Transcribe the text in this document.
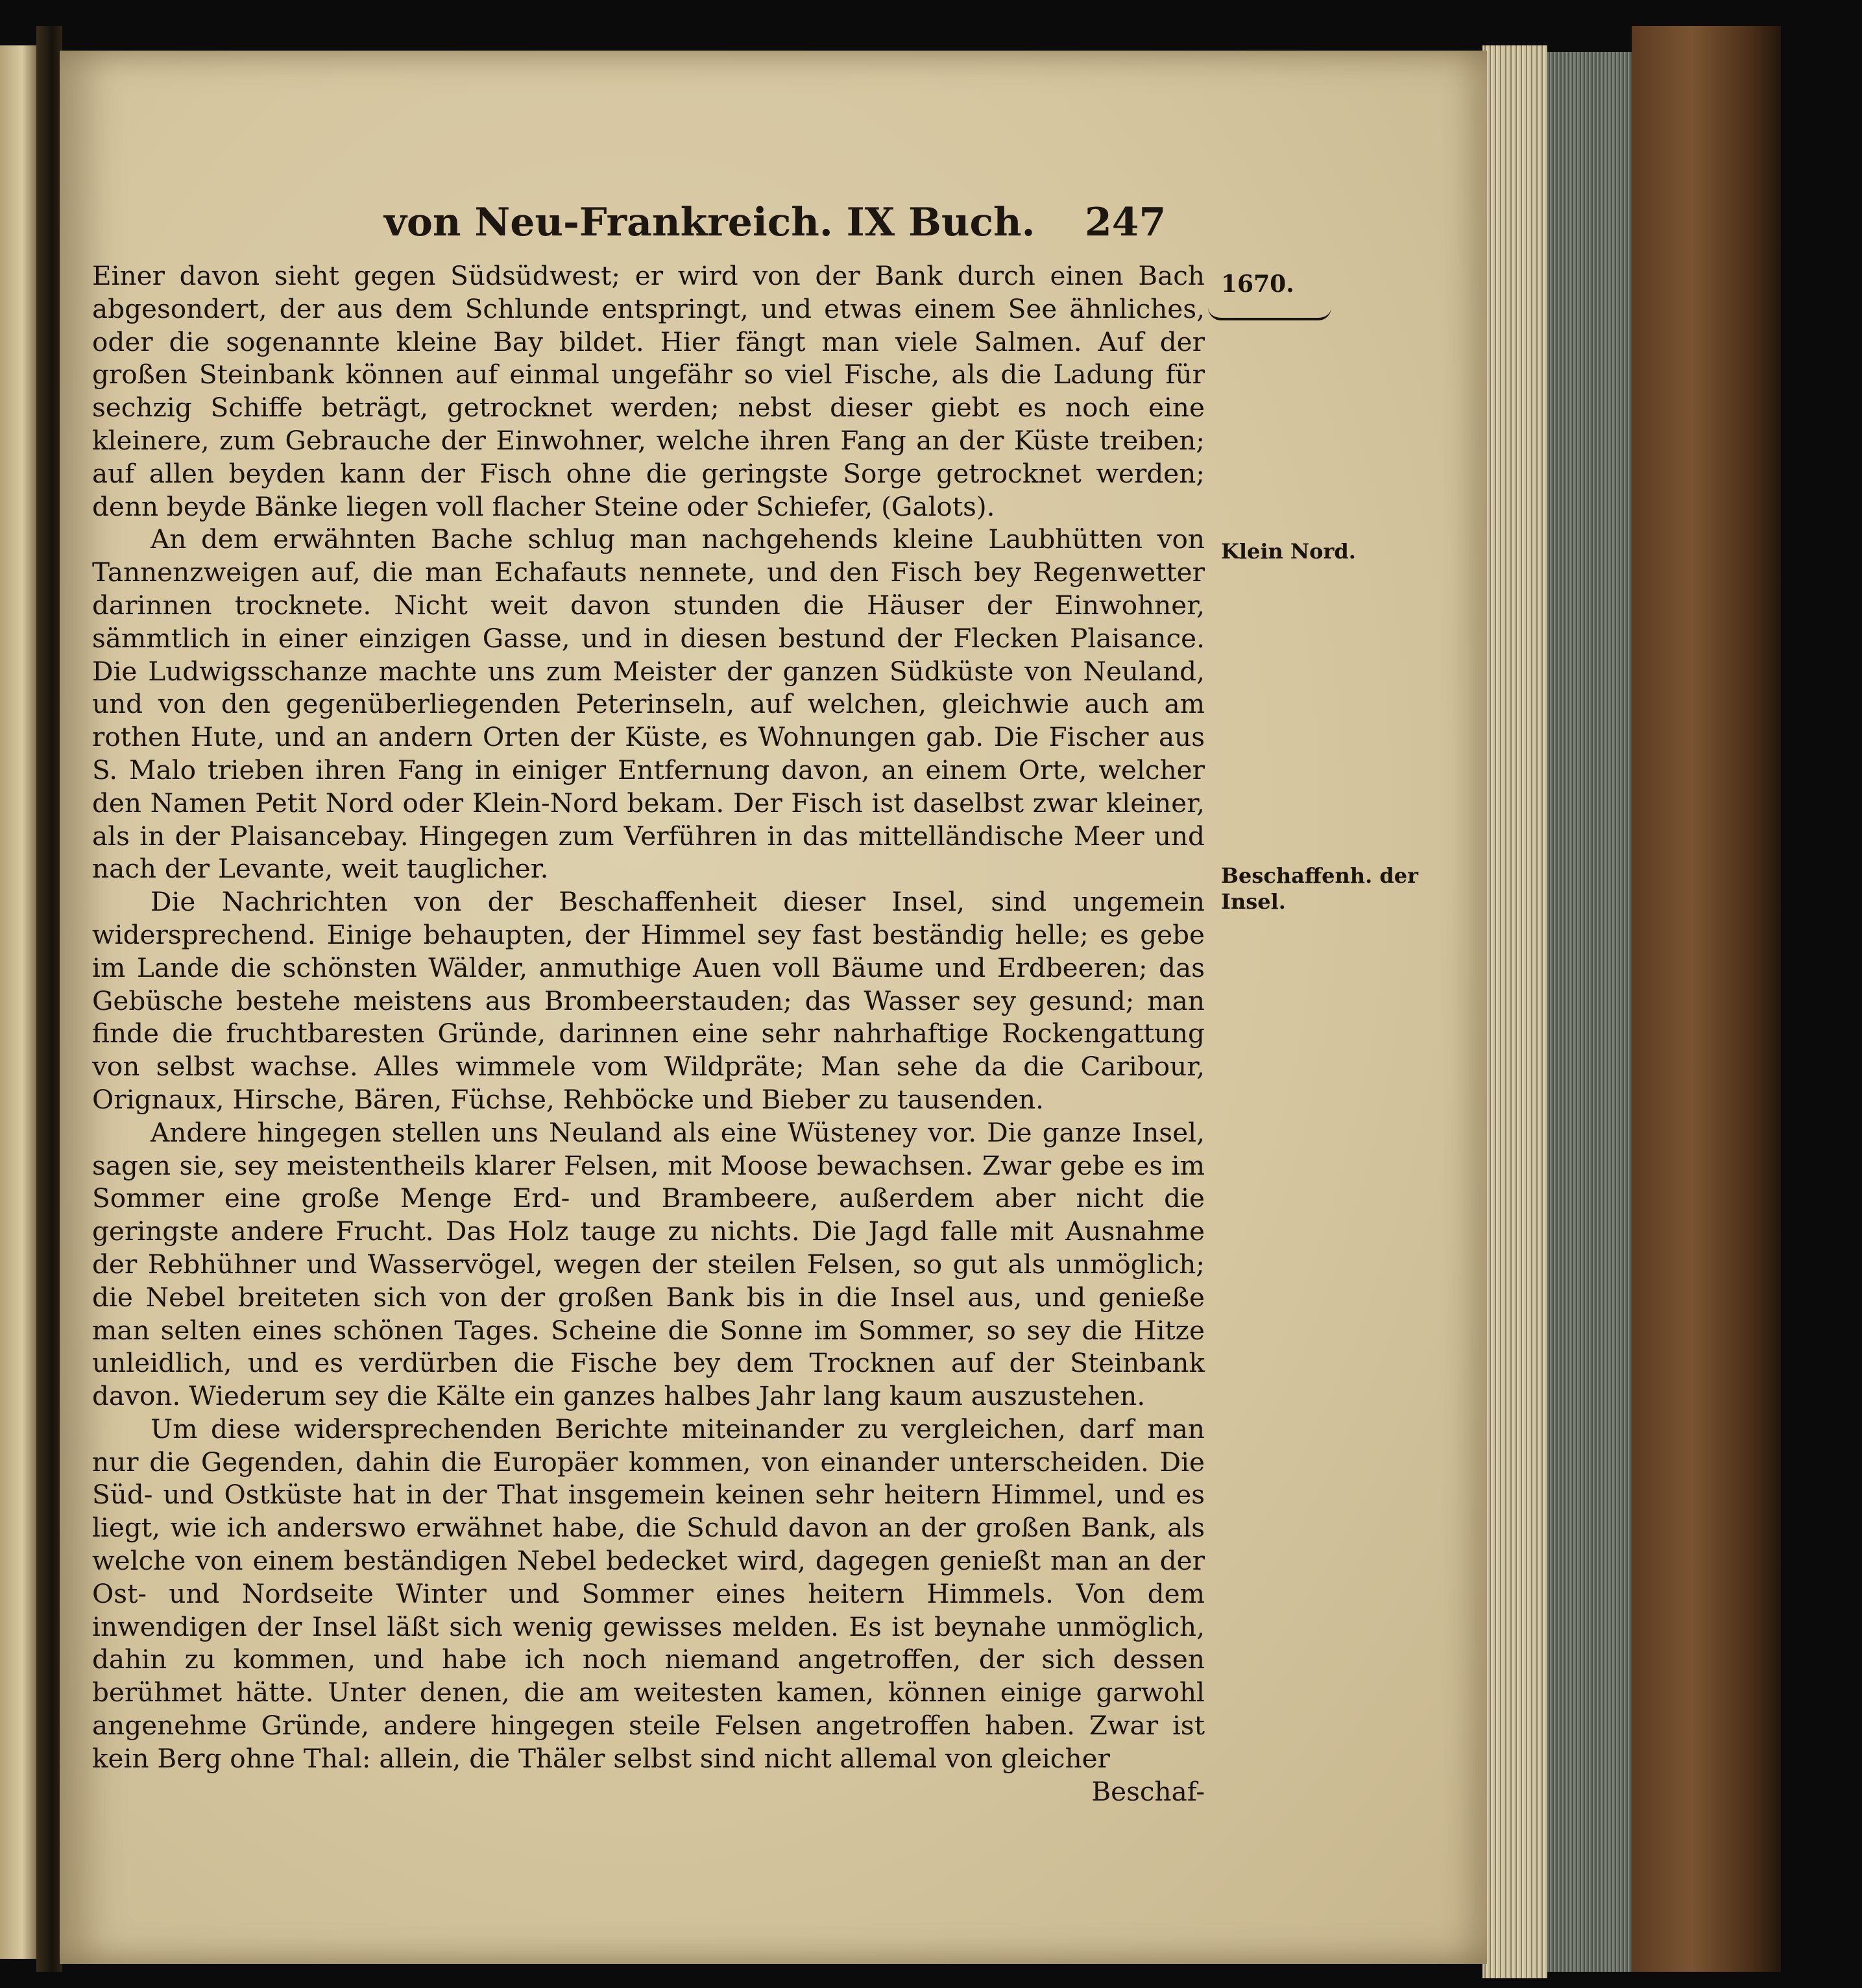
von Neu-Frankreich. IX Buch. 247

Einer davon sieht gegen Südsüdwest; er wird von der Bank durch einen Bach abgesondert, der aus dem Schlunde entspringt, und etwas einem See ähnliches, oder die sogenannte kleine Bay bildet. Hier fängt man viele Salmen. Auf der großen Steinbank können auf einmal ungefähr so viel Fische, als die Ladung für sechzig Schiffe beträgt, getrocknet werden; nebst dieser giebt es noch eine kleinere, zum Gebrauche der Einwohner, welche ihren Fang an der Küste treiben; auf allen beyden kann der Fisch ohne die geringste Sorge getrocknet werden; denn beyde Bänke liegen voll flacher Steine oder Schiefer, (Galots).

An dem erwähnten Bache schlug man nachgehends kleine Laubhütten von Tannenzweigen auf, die man Echafauts nennete, und den Fisch bey Regenwetter darinnen trocknete. Nicht weit davon stunden die Häuser der Einwohner, sämmtlich in einer einzigen Gasse, und in diesen bestund der Flecken Plaisance. Die Ludwigsschanze machte uns zum Meister der ganzen Südküste von Neuland, und von den gegenüberliegenden Peterinseln, auf welchen, gleichwie auch am rothen Hute, und an andern Orten der Küste, es Wohnungen gab. Die Fischer aus S. Malo trieben ihren Fang in einiger Entfernung davon, an einem Orte, welcher den Namen Petit Nord oder Klein-Nord bekam. Der Fisch ist daselbst zwar kleiner, als in der Plaisancebay. Hingegen zum Verführen in das mittelländische Meer und nach der Levante, weit tauglicher.

Die Nachrichten von der Beschaffenheit dieser Insel, sind ungemein widersprechend. Einige behaupten, der Himmel sey fast beständig helle; es gebe im Lande die schönsten Wälder, anmuthige Auen voll Bäume und Erdbeeren; das Gebüsche bestehe meistens aus Brombeerstauden; das Wasser sey gesund; man finde die fruchtbaresten Gründe, darinnen eine sehr nahrhaftige Rockengattung von selbst wachse. Alles wimmele vom Wildpräte; Man sehe da die Caribour, Orignaux, Hirsche, Bären, Füchse, Rehböcke und Bieber zu tausenden.

Andere hingegen stellen uns Neuland als eine Wüsteney vor. Die ganze Insel, sagen sie, sey meistentheils klarer Felsen, mit Moose bewachsen. Zwar gebe es im Sommer eine große Menge Erd- und Brambeere, außerdem aber nicht die geringste andere Frucht. Das Holz tauge zu nichts. Die Jagd falle mit Ausnahme der Rebhühner und Wasservögel, wegen der steilen Felsen, so gut als unmöglich; die Nebel breiteten sich von der großen Bank bis in die Insel aus, und genieße man selten eines schönen Tages. Scheine die Sonne im Sommer, so sey die Hitze unleidlich, und es verdürben die Fische bey dem Trocknen auf der Steinbank davon. Wiederum sey die Kälte ein ganzes halbes Jahr lang kaum auszustehen.

Um diese widersprechenden Berichte miteinander zu vergleichen, darf man nur die Gegenden, dahin die Europäer kommen, von einander unterscheiden. Die Süd- und Ostküste hat in der That insgemein keinen sehr heitern Himmel, und es liegt, wie ich anderswo erwähnet habe, die Schuld davon an der großen Bank, als welche von einem beständigen Nebel bedecket wird, dagegen genießt man an der Ost- und Nordseite Winter und Sommer eines heitern Himmels. Von dem inwendigen der Insel läßt sich wenig gewisses melden. Es ist beynahe unmöglich, dahin zu kommen, und habe ich noch niemand angetroffen, der sich dessen berühmet hätte. Unter denen, die am weitesten kamen, können einige garwohl angenehme Gründe, andere hingegen steile Felsen angetroffen haben. Zwar ist kein Berg ohne Thal: allein, die Thäler selbst sind nicht allemal von gleicher

Beschaf-

1670.
Klein Nord.
Beschaffenh. der Insel.
